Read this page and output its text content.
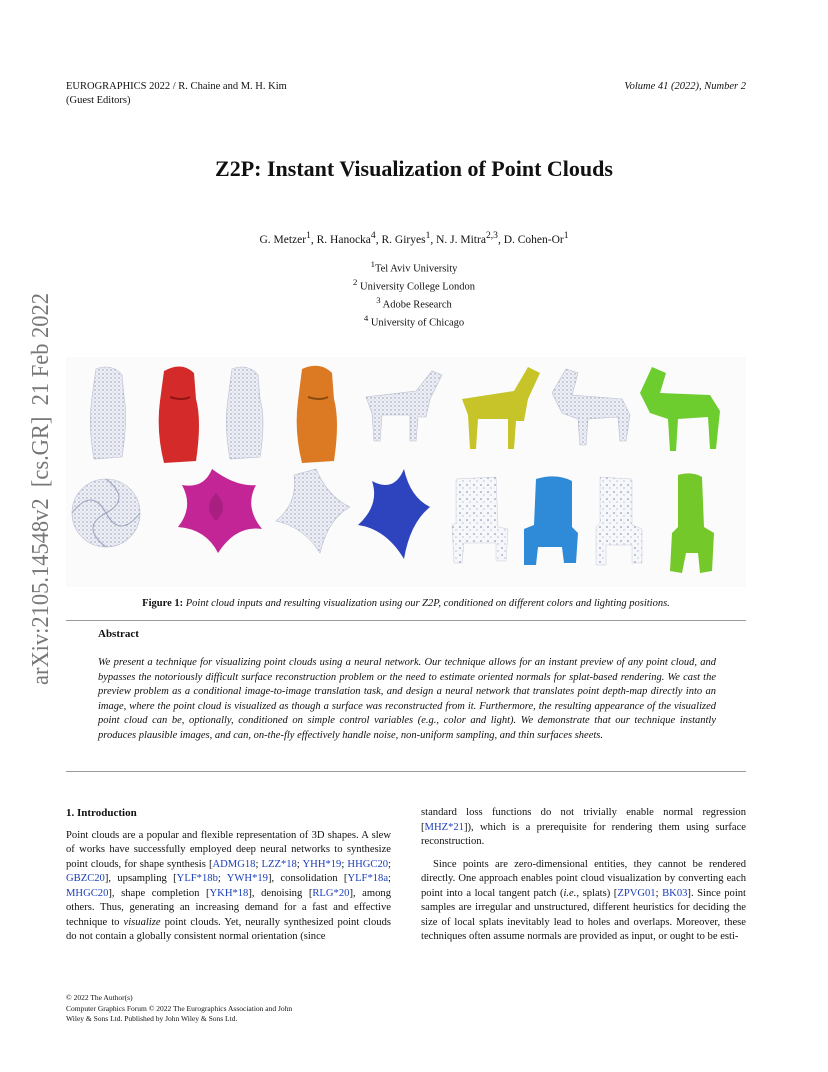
EUROGRAPHICS 2022 / R. Chaine and M. H. Kim
(Guest Editors)
Volume 41 (2022), Number 2
Z2P: Instant Visualization of Point Clouds
G. Metzer$^1$, R. Hanocka$^4$, R. Giryes$^1$, N. J. Mitra$^{2,3}$, D. Cohen-Or$^1$
$^1$Tel Aviv University
$^2$ University College London
$^3$ Adobe Research
$^4$ University of Chicago
arXiv:2105.14548v2  [cs.GR]  21 Feb 2022	Figure 1: Point cloud inputs and resulting visualization using our Z2P, conditioned on different colors and lighting positions.
Abstract
We present a technique for visualizing point clouds using a neural network. Our technique allows for an instant preview of any point cloud, and bypasses the notoriously difficult surface reconstruction problem or the need to estimate oriented normals for splat-based rendering. We cast the preview problem as a conditional image-to-image translation task, and design a neural network that translates point depth-map directly into an image, where the point cloud is visualized as though a surface was reconstructed from it. Furthermore, the resulting appearance of the visualized point cloud can be, optionally, conditioned on simple control variables (e.g., color and light). We demonstrate that our technique instantly produces plausible images, and can, on-the-fly effectively handle noise, non-uniform sampling, and thin surfaces sheets.
1. Introduction
Point clouds are a popular and flexible representation of 3D shapes. A slew of works have successfully employed deep neural networks to synthesize point clouds, for shape synthesis [ADMG18; LZZ*18; YHH*19; HHGC20; GBZC20], upsampling [YLF*18b; YWH*19], consolidation [YLF*18a; MHGC20], shape completion [YKH*18], denoising [RLG*20], among others. Thus, generating an increasing demand for a fast and effective technique to visualize point clouds. Yet, neurally synthesized point clouds do not contain a globally consistent normal orientation (since
standard loss functions do not trivially enable normal regression [MHZ*21]), which is a prerequisite for rendering them using surface reconstruction.
Since points are zero-dimensional entities, they cannot be rendered directly. One approach enables point cloud visualization by converting each point into a local tangent patch (i.e., splats) [ZPVG01; BK03]. Since point samples are irregular and unstructured, different heuristics for deciding the size of local splats inevitably lead to holes and overlaps. Moreover, these techniques often assume normals are provided as input, or ought to be esti-
© 2022 The Author(s)
Computer Graphics Forum © 2022 The Eurographics Association and John
Wiley & Sons Ltd. Published by John Wiley & Sons Ltd.
